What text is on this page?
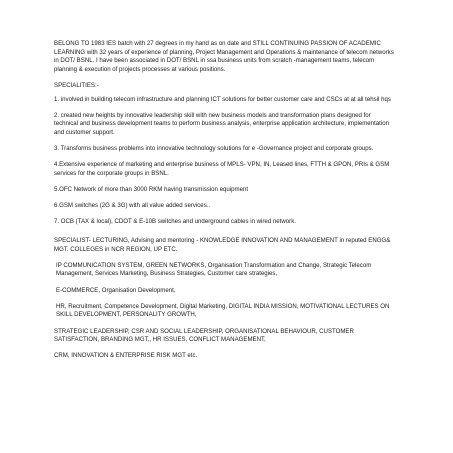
BELONG TO 1983 IES batch with 27 degrees in my hand as on date and STILL CONTINUING PASSION OF ACADEMIC LEARNING with 32 years of experience of planning, Project Management and Operations & maintenance of telecom networks in DOT/ BSNL. I have been associated in DOT/ BSNL in ssa business units from scratch -management teams, telecom planning & execution of projects processes at various positions.

SPECIALITIES:-

1. involved in building telecom infrastructure and planning ICT solutions for better customer care and CSCs at at all tehsil hqs

2. created new heights by innovative leadership skill with new business models and transformation plans designed for technical and business development teams to perform business analysis, enterprise application architecture, implementation and customer support.

3. Transforms business problems into innovative technology solutions for e -Governance project and corporate groups.

4.Extensive experience of marketing and enterprise business of MPLS- VPN, IN, Leased lines, FTTH & GPON, PRIs & GSM services for the corporate groups in BSNL.

5.OFC Network of more than 3000 RKM having transmission equipment

6.GSM switches (2G & 3G) with all value added services..

7. OCB (TAX & local), CDOT & E-10B switches and underground cables in wired network.

SPECIALIST- LECTURING, Advising and mentoring - KNOWLEDGE INNOVATION AND MANAGEMENT in reputed ENGG& MGT. COLLEGES in NCR REGION, UP ETC.

IP COMMUNICATION SYSTEM, GREEN NETWORKS, Organisation Transformation and Change, Strategic Telecom Management, Services Marketing, Business Strategies, Customer care strategies,

E-COMMERCE, Organisation Development,

HR, Recruitment, Competence Development, Digital Marketing, DIGITAL INDIA MISSION, MOTIVATIONAL LECTURES ON SKILL DEVELOPMENT, PERSONALITY GROWTH,

STRATEGIC LEADERSHIP, CSR AND SOCIAL LEADERSHIP, ORGANISATIONAL BEHAVIOUR, CUSTOMER SATISFACTION, BRANDING MGT,, HR ISSUES, CONFLICT MANAGEMENT,

CRM, INNOVATION & ENTERPRISE RISK MGT etc.
